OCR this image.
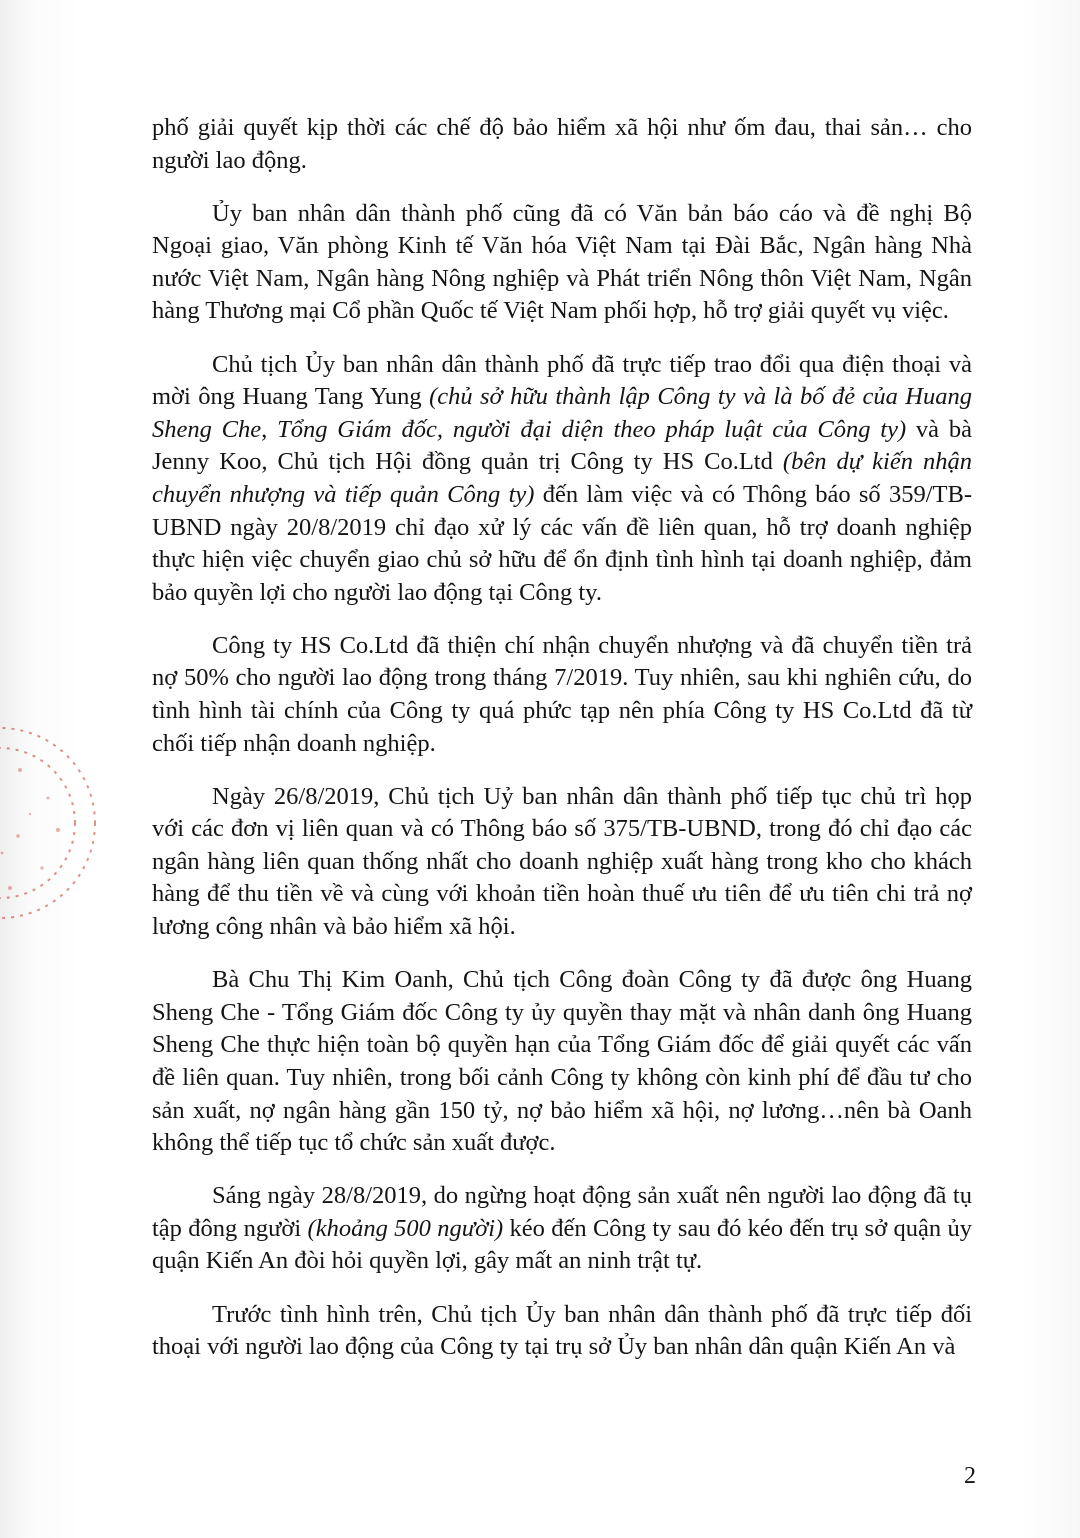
phố giải quyết kịp thời các chế độ bảo hiểm xã hội như ốm đau, thai sản… cho người lao động.

Ủy ban nhân dân thành phố cũng đã có Văn bản báo cáo và đề nghị Bộ Ngoại giao, Văn phòng Kinh tế Văn hóa Việt Nam tại Đài Bắc, Ngân hàng Nhà nước Việt Nam, Ngân hàng Nông nghiệp và Phát triển Nông thôn Việt Nam, Ngân hàng Thương mại Cổ phần Quốc tế Việt Nam phối hợp, hỗ trợ giải quyết vụ việc.

Chủ tịch Ủy ban nhân dân thành phố đã trực tiếp trao đổi qua điện thoại và mời ông Huang Tang Yung (chủ sở hữu thành lập Công ty và là bố đẻ của Huang Sheng Che, Tổng Giám đốc, người đại diện theo pháp luật của Công ty) và bà Jenny Koo, Chủ tịch Hội đồng quản trị Công ty HS Co.Ltd (bên dự kiến nhận chuyển nhượng và tiếp quản Công ty) đến làm việc và có Thông báo số 359/TB-UBND ngày 20/8/2019 chỉ đạo xử lý các vấn đề liên quan, hỗ trợ doanh nghiệp thực hiện việc chuyển giao chủ sở hữu để ổn định tình hình tại doanh nghiệp, đảm bảo quyền lợi cho người lao động tại Công ty.

Công ty HS Co.Ltd đã thiện chí nhận chuyển nhượng và đã chuyển tiền trả nợ 50% cho người lao động trong tháng 7/2019. Tuy nhiên, sau khi nghiên cứu, do tình hình tài chính của Công ty quá phức tạp nên phía Công ty HS Co.Ltd đã từ chối tiếp nhận doanh nghiệp.

Ngày 26/8/2019, Chủ tịch Uỷ ban nhân dân thành phố tiếp tục chủ trì họp với các đơn vị liên quan và có Thông báo số 375/TB-UBND, trong đó chỉ đạo các ngân hàng liên quan thống nhất cho doanh nghiệp xuất hàng trong kho cho khách hàng để thu tiền về và cùng với khoản tiền hoàn thuế ưu tiên để ưu tiên chi trả nợ lương công nhân và bảo hiểm xã hội.

Bà Chu Thị Kim Oanh, Chủ tịch Công đoàn Công ty đã được ông Huang Sheng Che - Tổng Giám đốc Công ty ủy quyền thay mặt và nhân danh ông Huang Sheng Che thực hiện toàn bộ quyền hạn của Tổng Giám đốc để giải quyết các vấn đề liên quan. Tuy nhiên, trong bối cảnh Công ty không còn kinh phí để đầu tư cho sản xuất, nợ ngân hàng gần 150 tỷ, nợ bảo hiểm xã hội, nợ lương…nên bà Oanh không thể tiếp tục tổ chức sản xuất được.

Sáng ngày 28/8/2019, do ngừng hoạt động sản xuất nên người lao động đã tụ tập đông người (khoảng 500 người) kéo đến Công ty sau đó kéo đến trụ sở quận ủy quận Kiến An đòi hỏi quyền lợi, gây mất an ninh trật tự.

Trước tình hình trên, Chủ tịch Ủy ban nhân dân thành phố đã trực tiếp đối thoại với người lao động của Công ty tại trụ sở Ủy ban nhân dân quận Kiến An và

2
